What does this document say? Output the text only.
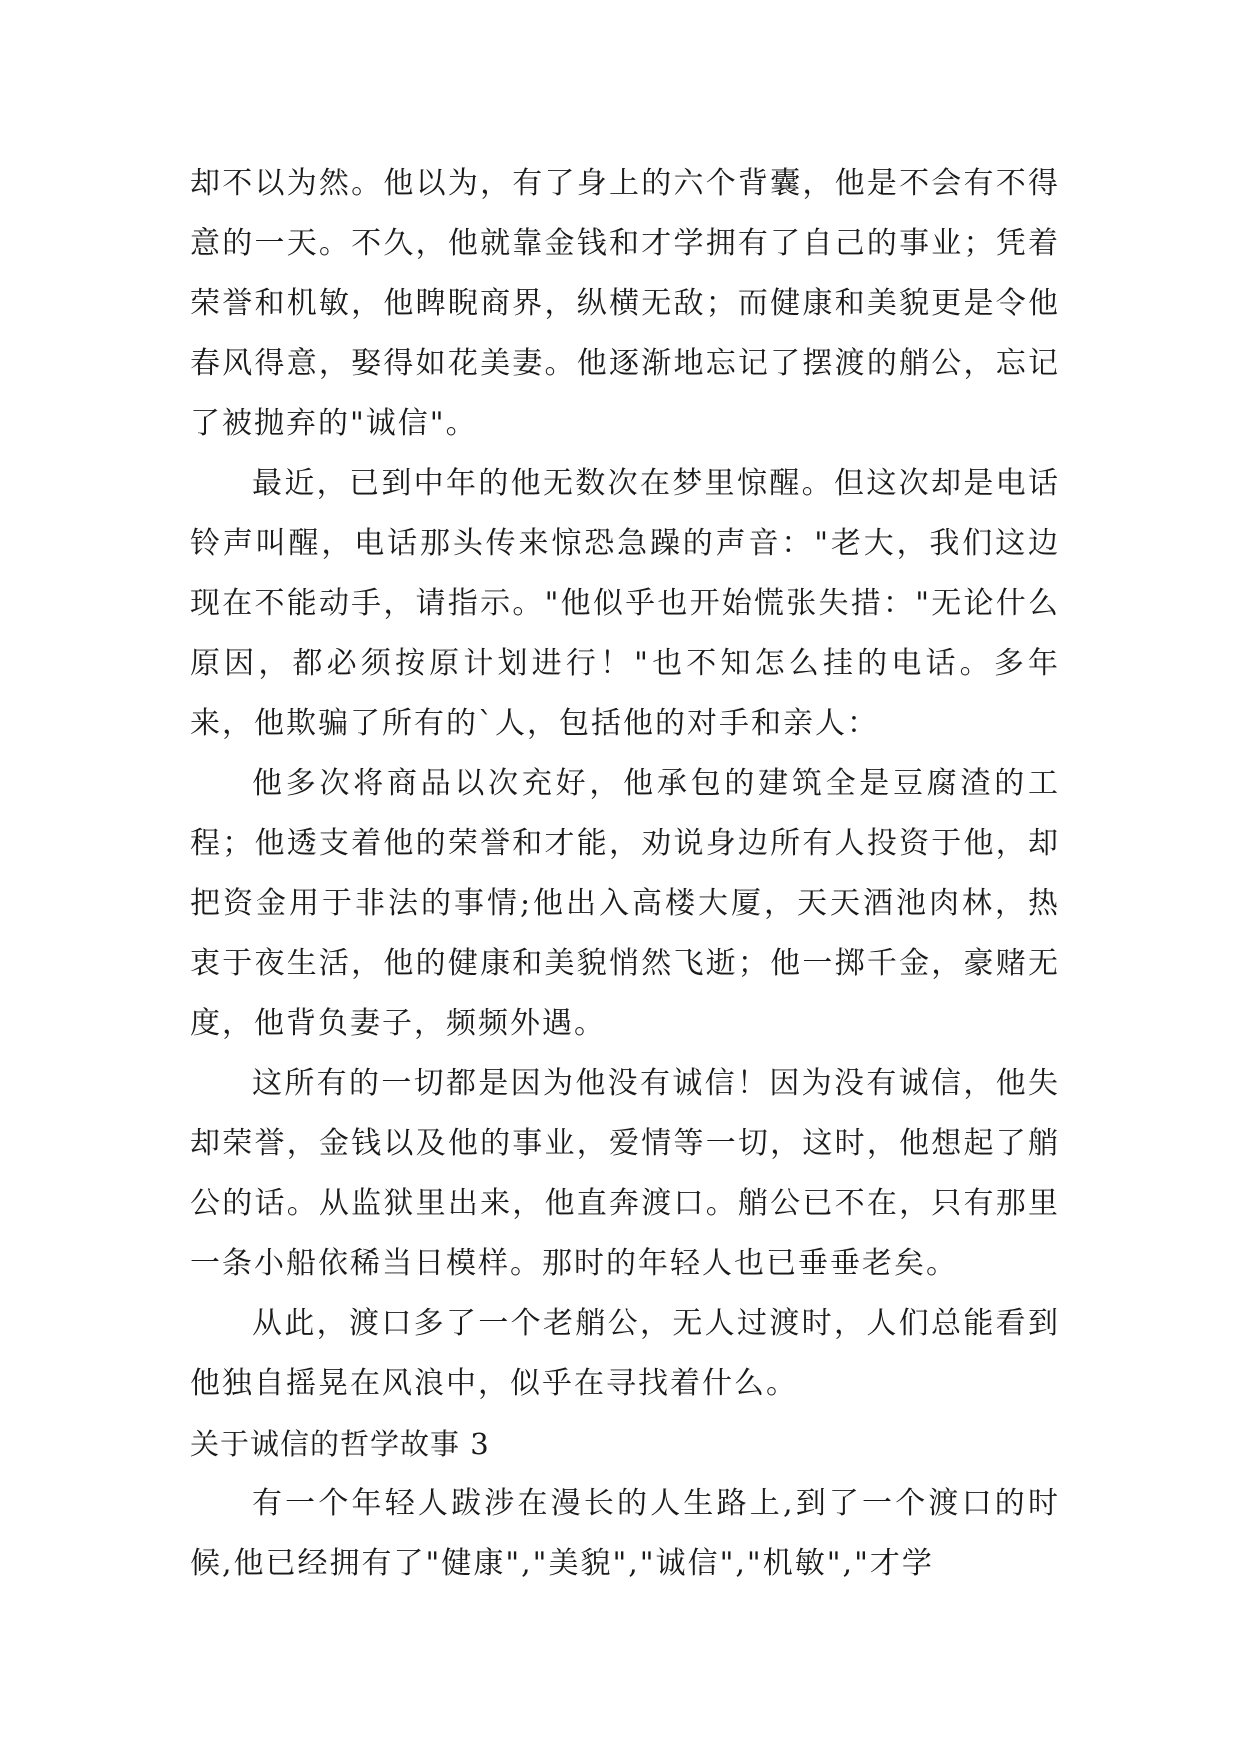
却不以为然。他以为，有了身上的六个背囊，他是不会有不得意的一天。不久，他就靠金钱和才学拥有了自己的事业；凭着荣誉和机敏，他睥睨商界，纵横无敌；而健康和美貌更是令他春风得意，娶得如花美妻。他逐渐地忘记了摆渡的艄公，忘记了被抛弃的"诚信"。

最近，已到中年的他无数次在梦里惊醒。但这次却是电话铃声叫醒，电话那头传来惊恐急躁的声音："老大，我们这边现在不能动手，请指示。"他似乎也开始慌张失措："无论什么原因，都必须按原计划进行！"也不知怎么挂的电话。多年来，他欺骗了所有的`人，包括他的对手和亲人：

他多次将商品以次充好，他承包的建筑全是豆腐渣的工程；他透支着他的荣誉和才能，劝说身边所有人投资于他，却把资金用于非法的事情;他出入高楼大厦，天天酒池肉林，热衷于夜生活，他的健康和美貌悄然飞逝；他一掷千金，豪赌无度，他背负妻子，频频外遇。

这所有的一切都是因为他没有诚信！因为没有诚信，他失却荣誉，金钱以及他的事业，爱情等一切，这时，他想起了艄公的话。从监狱里出来，他直奔渡口。艄公已不在，只有那里一条小船依稀当日模样。那时的年轻人也已垂垂老矣。

从此，渡口多了一个老艄公，无人过渡时，人们总能看到他独自摇晃在风浪中，似乎在寻找着什么。

关于诚信的哲学故事 3

有一个年轻人跋涉在漫长的人生路上,到了一个渡口的时候,他已经拥有了"健康","美貌","诚信","机敏","才学
